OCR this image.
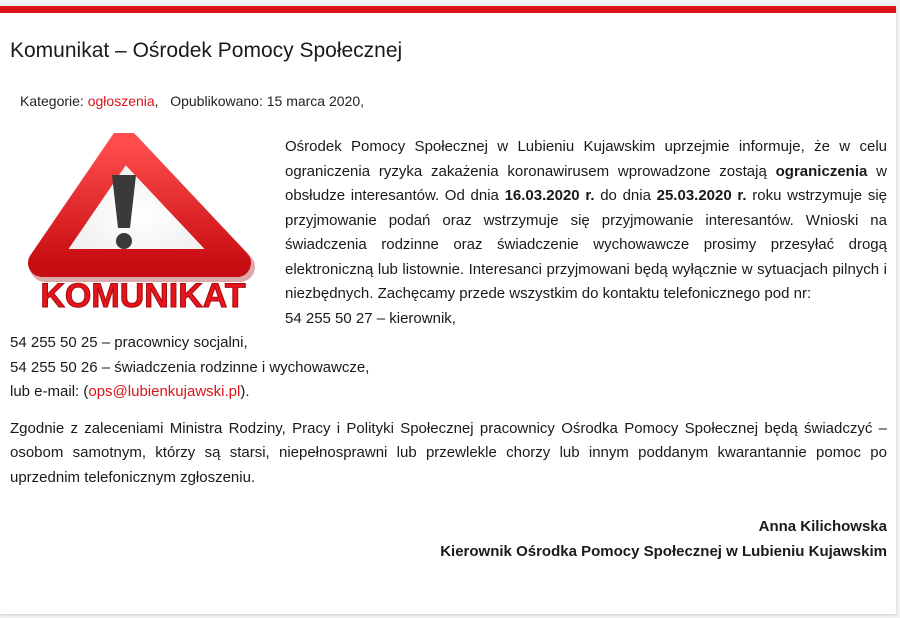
Komunikat – Ośrodek Pomocy Społecznej
Kategorie: ogłoszenia, Opublikowano: 15 marca 2020,
KOMUNIKAT

Ośrodek Pomocy Społecznej w Lubieniu Kujawskim uprzejmie informuje, że w celu ograniczenia ryzyka zakażenia koronawirusem wprowadzone zostają ograniczenia w obsłudze interesantów. Od dnia 16.03.2020 r. do dnia 25.03.2020 r. roku wstrzymuje się przyjmowanie podań oraz wstrzymuje się przyjmowanie interesantów. Wnioski na świadczenia rodzinne oraz świadczenie wychowawcze prosimy przesyłać drogą elektroniczną lub listownie. Interesanci przyjmowani będą wyłącznie w sytuacjach pilnych i niezbędnych. Zachęcamy przede wszystkim do kontaktu telefonicznego pod nr:

54 255 50 27 – kierownik,
54 255 50 25 – pracownicy socjalni,
54 255 50 26 – świadczenia rodzinne i wychowawcze,
lub e-mail: (ops@lubienkujawski.pl).

Zgodnie z zaleceniami Ministra Rodziny, Pracy i Polityki Społecznej pracownicy Ośrodka Pomocy Społecznej będą świadczyć – osobom samotnym, którzy są starsi, niepełnosprawni lub przewlekle chorzy lub innym poddanym kwarantannie pomoc po uprzednim telefonicznym zgłoszeniu.

Anna Kilichowska
Kierownik Ośrodka Pomocy Społecznej w Lubieniu Kujawskim
